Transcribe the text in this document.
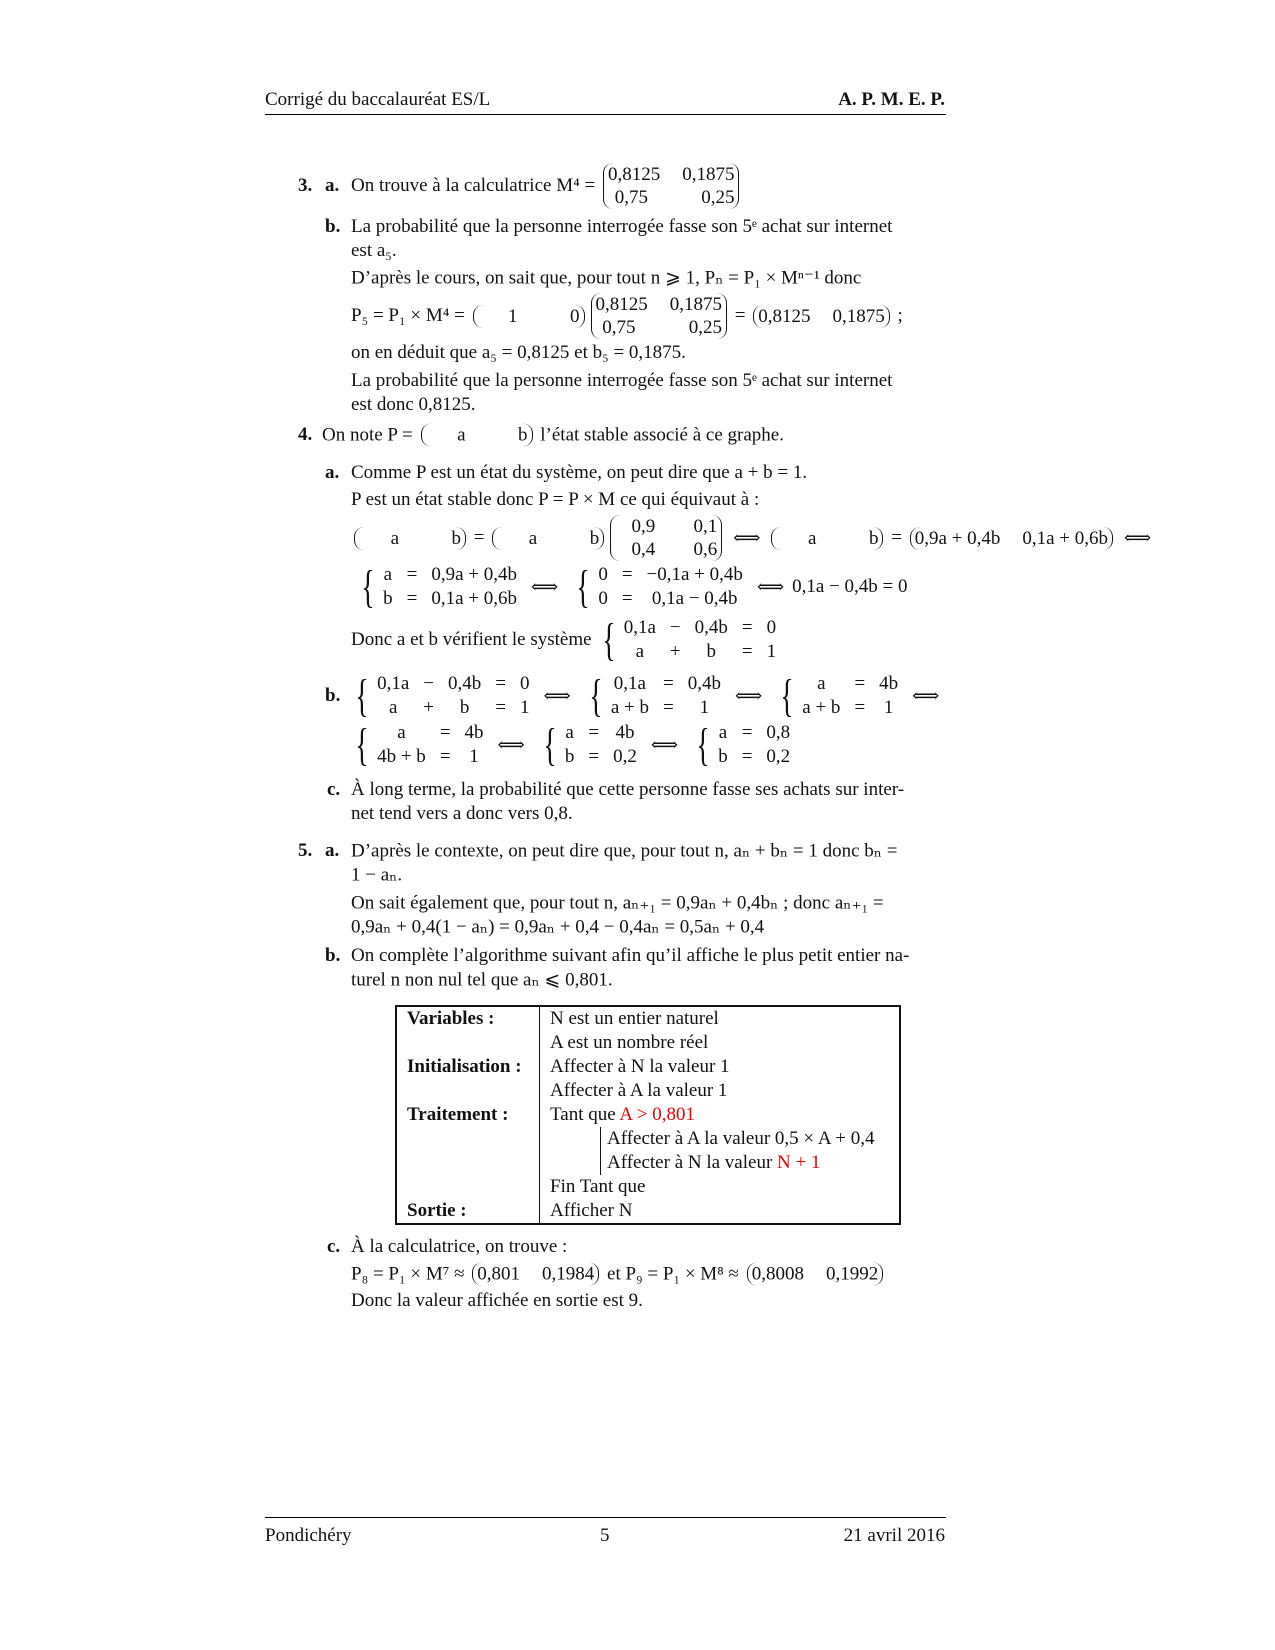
Corrigé du baccalauréat ES/L	A. P. M. E. P.
3. a. On trouve à la calculatrice M⁴ =
0,8125 0,1875
0,75	0,25
b. La probabilité que la personne interrogée fasse son 5ᵉ achat sur internet
est a₅.
D’après le cours, on sait que, pour tout n ⩾ 1, Pₙ = P₁ × Mⁿ⁻¹ donc
P₅ = P₁ × M⁴ =	1	0
0,8125 0,1875
0,75	0,25
= 0,8125 0,1875 ;
on en déduit que a₅ = 0,8125 et b₅ = 0,1875.
La probabilité que la personne interrogée fasse son 5ᵉ achat sur internet
est donc 0,8125.
4. On note P =	a	b l’état stable associé à ce graphe.
a. Comme P est un état du système, on peut dire que a + b = 1.
P est un état stable donc P = P × M ce qui équivaut à :
a	b =	a	b
0,9	0,1
0,4	0,6
⟺	a	b = 0,9a + 0,4b 0,1a + 0,6b ⟺
{ a = 0,9a + 0,4b
b = 0,1a + 0,6b
⟺ { 0 = −0,1a + 0,4b
0 = 0,1a − 0,4b
⟺ 0,1a − 0,4b = 0
Donc a et b vérifient le système { 0,1a − 0,4b = 0
a	+	b	= 1
b. { 0,1a − 0,4b = 0
a	+	b	= 1
⟺ { 0,1a = 0,4b
a + b =	1
⟺ {	a	= 4b
a + b = 1
⟺
{	a	= 4b
4b + b = 1
⟺ { a = 4b
b = 0,2
⟺ { a = 0,8
b = 0,2
c. À long terme, la probabilité que cette personne fasse ses achats sur inter-
net tend vers a donc vers 0,8.
5. a. D’après le contexte, on peut dire que, pour tout n, aₙ + bₙ = 1 donc bₙ =
1 − aₙ.
On sait également que, pour tout n, aₙ₊₁ = 0,9aₙ + 0,4bₙ ; donc aₙ₊₁ =
0,9aₙ + 0,4(1 − aₙ) = 0,9aₙ + 0,4 − 0,4aₙ = 0,5aₙ + 0,4
b. On complète l’algorithme suivant afin qu’il affiche le plus petit entier na-
turel n non nul tel que aₙ ⩽ 0,801.
Variables :	N est un entier naturel
A est un nombre réel

Initialisation :	Affecter à N la valeur 1
Affecter à A la valeur 1

Traitement :	Tant que A > 0,801
Affecter à A la valeur 0,5 × A + 0,4
Affecter à N la valeur N + 1
Fin Tant que

Sortie :	Afficher N
c. À la calculatrice, on trouve :
P₈ = P₁ × M⁷ ≈ 0,801 0,1984 et P₉ = P₁ × M⁸ ≈ 0,8008 0,1992
Donc la valeur affichée en sortie est 9.
Pondichéry	5	21 avril 2016
